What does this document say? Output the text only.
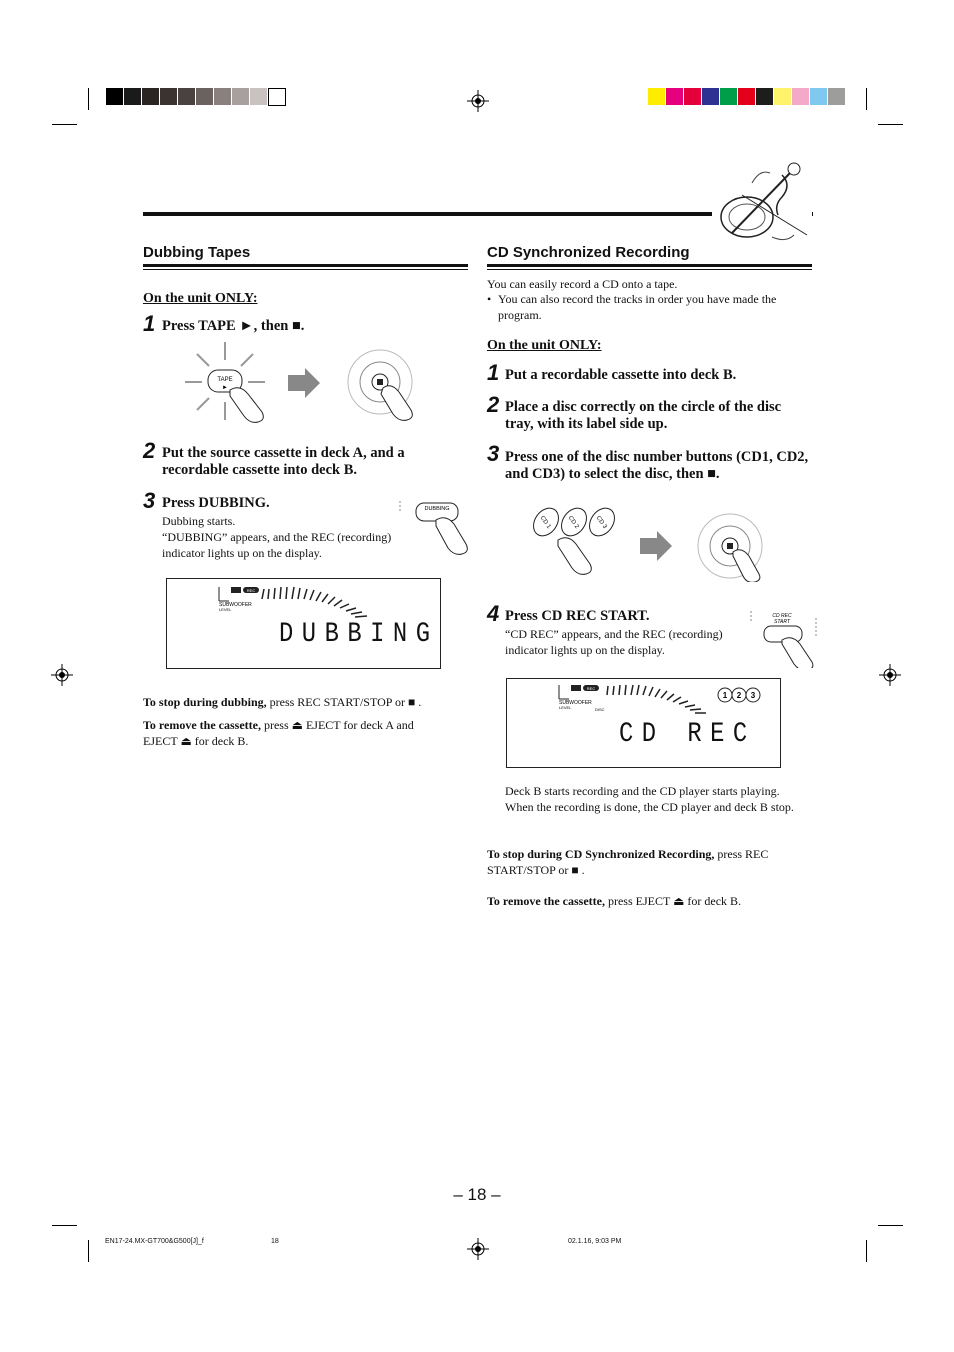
Dubbing Tapes
On the unit ONLY:
1 Press TAPE ►, then ■.
TAPE
►
2 Put the source cassette in deck A, and a recordable cassette into deck B.
3 Press DUBBING.
Dubbing starts.
“DUBBING” appears, and the REC (recording) indicator lights up on the display.
DUBBING
REC
SUBWOOFER
LEVEL
DUBBING
To stop during dubbing, press REC START/STOP or ■ .
To remove the cassette, press ⏏ EJECT for deck A and EJECT ⏏ for deck B.
CD Synchronized Recording
You can easily record a CD onto a tape.
• You can also record the tracks in order you have made the program.
On the unit ONLY:
1 Put a recordable cassette into deck B.
2 Place a disc correctly on the circle of the disc tray, with its label side up.
3 Press one of the disc number buttons (CD1, CD2, and CD3) to select the disc, then ■.
CD 1	CD 2	CD 3
4 Press CD REC START.
“CD REC” appears, and the REC (recording) indicator lights up on the display.
CD REC
START
REC
SUBWOOFER
LEVEL	DISC
1 2 3
CD REC
Deck B starts recording and the CD player starts playing. When the recording is done, the CD player and deck B stop.
To stop during CD Synchronized Recording, press REC START/STOP or ■ .
To remove the cassette, press EJECT ⏏ for deck B.
– 18 –
EN17-24.MX-GT700&G500[J]_f	18	02.1.16, 9:03 PM
